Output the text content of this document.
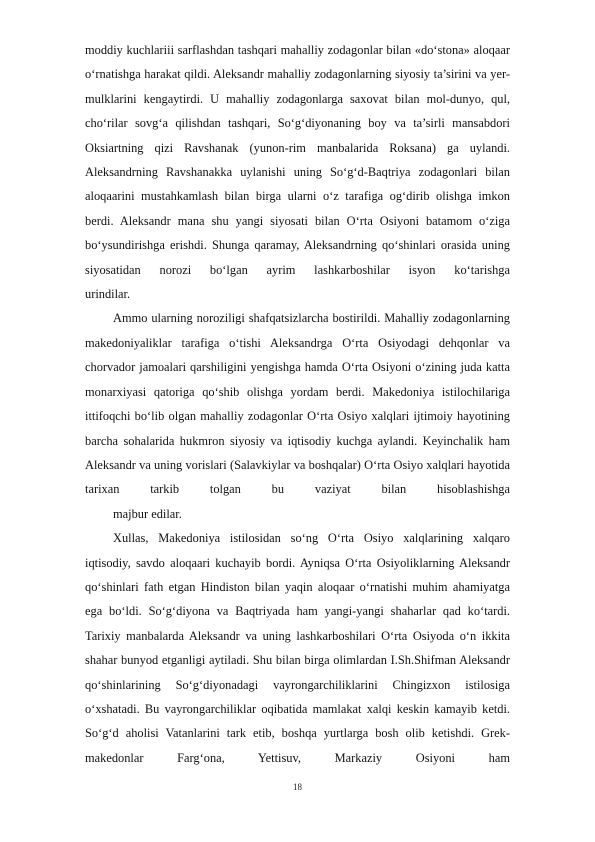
moddiy kuchlariii sarflashdan tashqari mahalliy zodagonlar bilan «do‘stona» aloqaar o‘rnatishga harakat qildi. Aleksandr mahalliy zodagonlarning siyosiy ta’sirini va yer-mulklarini kengaytirdi. U mahalliy zodagonlarga saxovat bilan mol-dunyo, qul, cho‘rilar sovg‘a qilishdan tashqari, So‘g‘diyonaning boy va ta’sirli mansabdori Oksiartning qizi Ravshanak (yunon-rim manbalarida Roksana) ga uylandi. Aleksandrning Ravshanakka uylanishi uning So‘g‘d-Baqtriya zodagonlari bilan aloqaarini mustahkamlash bilan birga ularni o‘z tarafiga og‘dirib olishga imkon berdi. Aleksandr mana shu yangi siyosati bilan O‘rta Osiyoni batamom o‘ziga bo‘ysundirishga erishdi. Shunga qaramay, Aleksandrning qo‘shinlari orasida uning siyosatidan norozi bo‘lgan ayrim lashkarboshilar isyon ko‘tarishga
urindilar.

Ammo ularning noroziligi shafqatsizlarcha bostirildi. Mahalliy zodagonlarning makedoniyaliklar tarafiga o‘tishi Aleksandrga O‘rta Osiyodagi dehqonlar va chorvador jamoalari qarshiligini yengishga hamda O‘rta Osiyoni o‘zining juda katta monarxiyasi qatoriga qo‘shib olishga yordam berdi. Makedoniya istilochilariga ittifoqchi bo‘lib olgan mahalliy zodagonlar O‘rta Osiyo xalqlari ijtimoiy hayotining barcha sohalarida hukmron siyosiy va iqtisodiy kuchga aylandi. Keyinchalik ham Aleksandr va uning vorislari (Salavkiylar va boshqalar) O‘rta Osiyo xalqlari hayotida tarixan tarkib tolgan bu vaziyat bilan hisoblashishga
majbur edilar.

Xullas, Makedoniya istilosidan so‘ng O‘rta Osiyo xalqlarining xalqaro iqtisodiy, savdo aloqaari kuchayib bordi. Ayniqsa O‘rta Osiyoliklarning Aleksandr qo‘shinlari fath etgan Hindiston bilan yaqin aloqaar o‘rnatishi muhim ahamiyatga ega bo‘ldi. So‘g‘diyona va Baqtriyada ham yangi-yangi shaharlar qad ko‘tardi. Tarixiy manbalarda Aleksandr va uning lashkarboshilari O‘rta Osiyoda o‘n ikkita shahar bunyod etganligi aytiladi. Shu bilan birga olimlardan I.Sh.Shifman Aleksandr qo‘shinlarining So‘g‘diyonadagi vayrongarchiliklarini Chingizxon istilosiga o‘xshatadi. Bu vayrongarchiliklar oqibatida mamlakat xalqi keskin kamayib ketdi. So‘g‘d aholisi Vatanlarini tark etib, boshqa yurtlarga bosh olib ketishdi. Grek-makedonlar Farg‘ona, Yettisuv, Markaziy Osiyoni ham

18
